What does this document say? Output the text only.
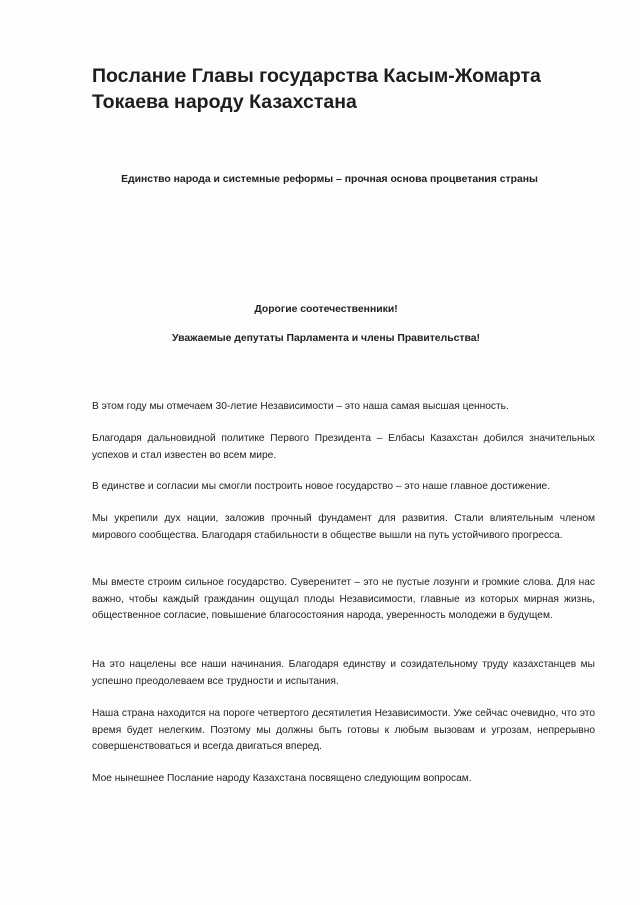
Послание Главы государства Касым-Жомарта Токаева народу Казахстана

Единство народа и системные реформы – прочная основа процветания страны

Дорогие соотечественники!

Уважаемые депутаты Парламента и члены Правительства!

В этом году мы отмечаем 30-летие Независимости – это наша самая высшая ценность.

Благодаря дальновидной политике Первого Президента – Елбасы Казахстан добился значительных успехов и стал известен во всем мире.

В единстве и согласии мы смогли построить новое государство – это наше главное достижение.

Мы укрепили дух нации, заложив прочный фундамент для развития. Стали влиятельным членом мирового сообщества. Благодаря стабильности в обществе вышли на путь устойчивого прогресса.

Мы вместе строим сильное государство. Суверенитет – это не пустые лозунги и громкие слова. Для нас важно, чтобы каждый гражданин ощущал плоды Независимости, главные из которых мирная жизнь, общественное согласие, повышение благосостояния народа, уверенность молодежи в будущем.

На это нацелены все наши начинания. Благодаря единству и созидательному труду казахстанцев мы успешно преодолеваем все трудности и испытания.

Наша страна находится на пороге четвертого десятилетия Независимости. Уже сейчас очевидно, что это время будет нелегким. Поэтому мы должны быть готовы к любым вызовам и угрозам, непрерывно совершенствоваться и всегда двигаться вперед.

Мое нынешнее Послание народу Казахстана посвящено следующим вопросам.
